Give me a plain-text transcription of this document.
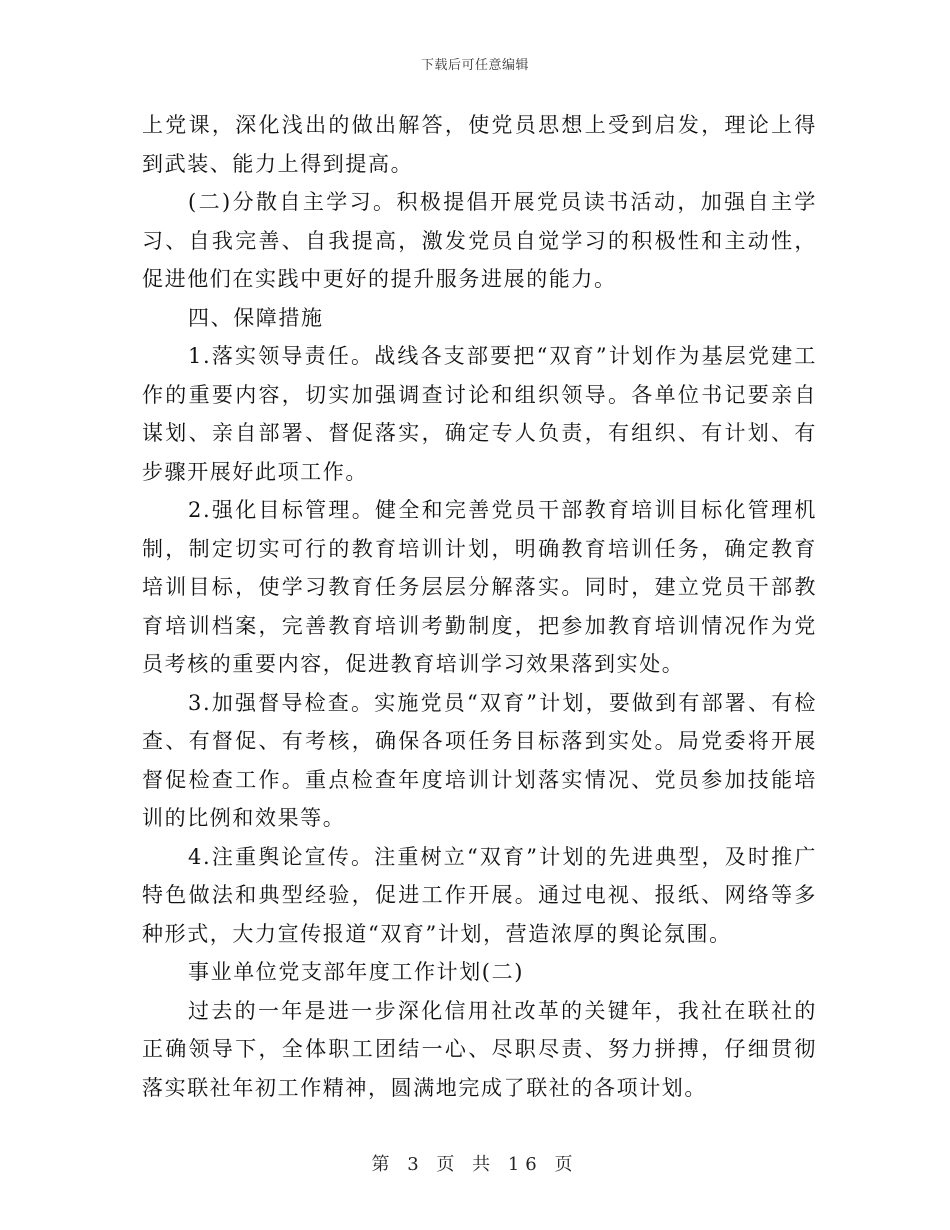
下载后可任意编辑

上党课，深化浅出的做出解答，使党员思想上受到启发，理论上得到武装、能力上得到提高。

(二)分散自主学习。积极提倡开展党员读书活动，加强自主学习、自我完善、自我提高，激发党员自觉学习的积极性和主动性，促进他们在实践中更好的提升服务进展的能力。

四、保障措施

1.落实领导责任。战线各支部要把“双育”计划作为基层党建工作的重要内容，切实加强调查讨论和组织领导。各单位书记要亲自谋划、亲自部署、督促落实，确定专人负责，有组织、有计划、有步骤开展好此项工作。

2.强化目标管理。健全和完善党员干部教育培训目标化管理机制，制定切实可行的教育培训计划，明确教育培训任务，确定教育培训目标，使学习教育任务层层分解落实。同时，建立党员干部教育培训档案，完善教育培训考勤制度，把参加教育培训情况作为党员考核的重要内容，促进教育培训学习效果落到实处。

3.加强督导检查。实施党员“双育”计划，要做到有部署、有检查、有督促、有考核，确保各项任务目标落到实处。局党委将开展督促检查工作。重点检查年度培训计划落实情况、党员参加技能培训的比例和效果等。

4.注重舆论宣传。注重树立“双育”计划的先进典型，及时推广特色做法和典型经验，促进工作开展。通过电视、报纸、网络等多种形式，大力宣传报道“双育”计划，营造浓厚的舆论氛围。

事业单位党支部年度工作计划(二)

过去的一年是进一步深化信用社改革的关键年，我社在联社的正确领导下，全体职工团结一心、尽职尽责、努力拼搏，仔细贯彻落实联社年初工作精神，圆满地完成了联社的各项计划。

第 3 页 共 16 页
